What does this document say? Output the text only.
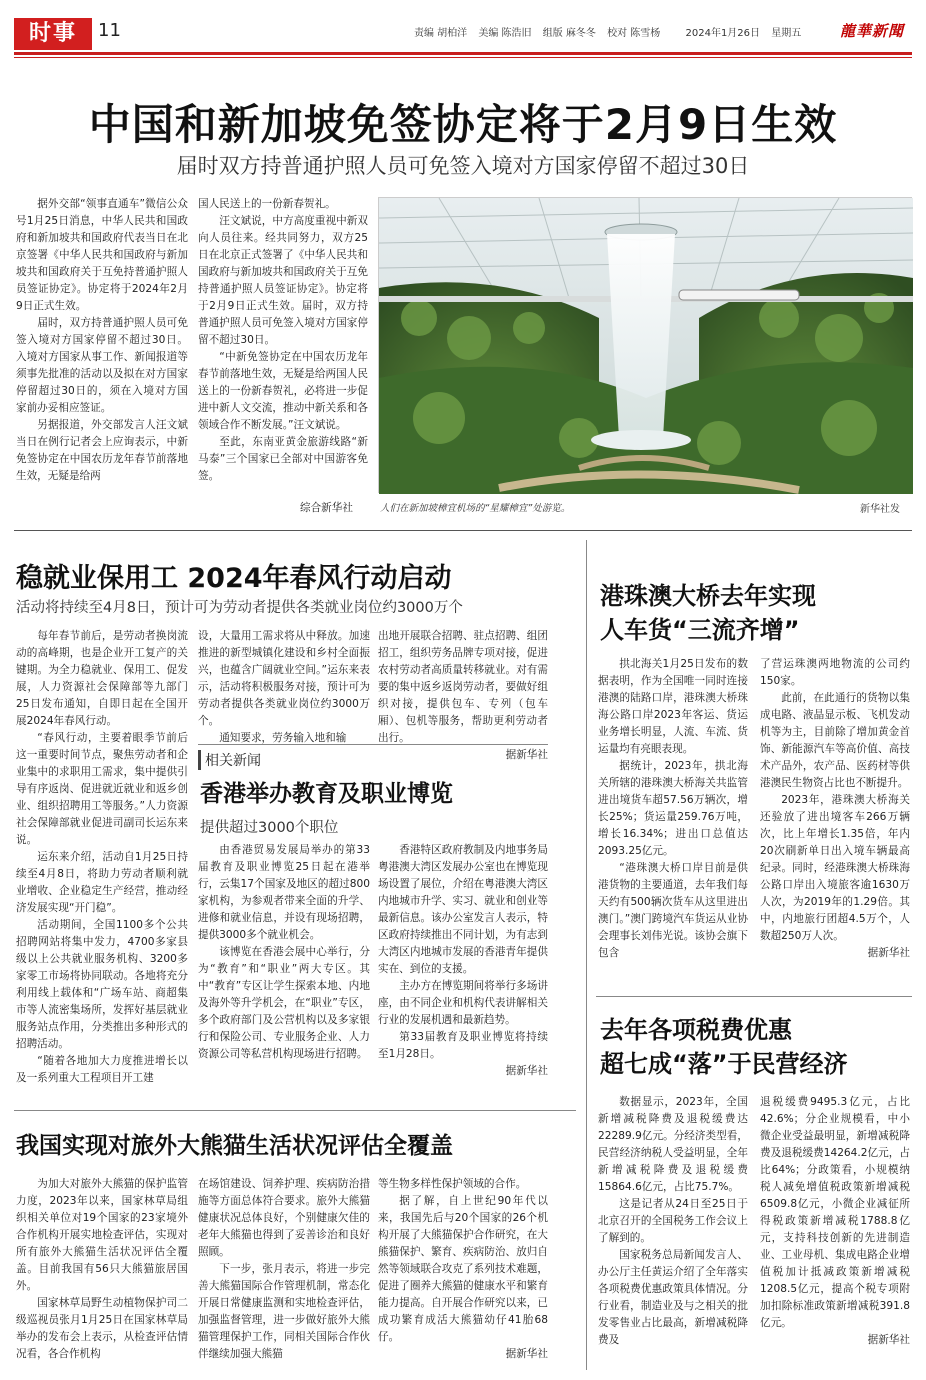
时事	11	责编 胡柏洋 美编 陈浩旧 组版 麻冬冬 校对 陈雪杨	2024年1月26日 星期五	龍華新聞
中国和新加坡免签协定将于2月9日生效
届时双方持普通护照人员可免签入境对方国家停留不超过30日

据外交部“领事直通车”微信公众号1月25日消息，中华人民共和国政府和新加坡共和国政府代表当日在北京签署《中华人民共和国政府与新加坡共和国政府关于互免持普通护照人员签证协定》。协定将于2024年2月9日正式生效。

届时，双方持普通护照人员可免签入境对方国家停留不超过30日。入境对方国家从事工作、新闻报道等须事先批准的活动以及拟在对方国家停留超过30日的，须在入境对方国家前办妥相应签证。

另据报道，外交部发言人汪文斌当日在例行记者会上应询表示，中新免签协定在中国农历龙年春节前落地生效，无疑是给两

国人民送上的一份新春贺礼。

汪文斌说，中方高度重视中新双向人员往来。经共同努力，双方25日在北京正式签署了《中华人民共和国政府与新加坡共和国政府关于互免持普通护照人员签证协定》。协定将于2月9日正式生效。届时，双方持普通护照人员可免签入境对方国家停留不超过30日。

“中新免签协定在中国农历龙年春节前落地生效，无疑是给两国人民送上的一份新春贺礼，必将进一步促进中新人文交流，推动中新关系和各领域合作不断发展。”汪文斌说。

至此，东南亚黄金旅游线路“新马泰”三个国家已全部对中国游客免签。

综合新华社	人们在新加坡樟宜机场的“星耀樟宜”处游览。	新华社发
稳就业保用工 2024年春风行动启动
活动将持续至4月8日，预计可为劳动者提供各类就业岗位约3000万个

每年春节前后，是劳动者换岗流动的高峰期，也是企业开工复产的关键期。为全力稳就业、保用工、促发展，人力资源社会保障部等九部门25日发布通知，自即日起在全国开展2024年春风行动。

“春风行动，主要着眼季节前后这一重要时间节点，聚焦劳动者和企业集中的求职用工需求，集中提供引导有序返岗、促进就近就业和返乡创业、组织招聘用工等服务。”人力资源社会保障部就业促进司副司长运东来说。

运东来介绍，活动自1月25日持续至4月8日，将助力劳动者顺利就业增收、企业稳定生产经营，推动经济发展实现“开门稳”。

活动期间，全国1100多个公共招聘网站将集中发力，4700多家县级以上公共就业服务机构、3200多家零工市场将协同联动。各地将充分利用线上载体和“广场车站、商超集市等人流密集场所，发挥好基层就业服务站点作用，分类推出多种形式的招聘活动。

“随着各地加大力度推进增长以及一系列重大工程项目开工建

设，大量用工需求将从中释放。加速推进的新型城镇化建设和乡村全面振兴，也蕴含广阔就业空间。”运东来表示，活动将积极服务对接，预计可为劳动者提供各类就业岗位约3000万个。

通知要求，劳务输入地和输

出地开展联合招聘、驻点招聘、组团招工，组织劳务品牌专项对接，促进农村劳动者高质量转移就业。对有需要的集中返乡返岗劳动者，要做好组织对接，提供包车、专列（包车厢）、包机等服务，帮助更利劳动者出行。

据新华社

相关新闻
香港举办教育及职业博览
提供超过3000个职位

由香港贸易发展局举办的第33届教育及职业博览25日起在港举行，云集17个国家及地区的超过800家机构，为参观者带来全面的升学、进修和就业信息，并设有现场招聘，提供3000多个就业机会。

该博览在香港会展中心举行，分为“教育”和“职业”两大专区。其中“教育”专区让学生探索本地、内地及海外等升学机会，在“职业”专区，多个政府部门及公营机构以及多家银行和保险公司、专业服务企业、人力资源公司等私营机构现场进行招聘。

香港特区政府教制及内地事务局粤港澳大湾区发展办公室也在博览现场设置了展位，介绍在粤港澳大湾区内地城市升学、实习、就业和创业等最新信息。该办公室发言人表示，特区政府持续推出不同计划，为有志到大湾区内地城市发展的香港青年提供实在、到位的支援。

主办方在博览期间将举行多场讲座，由不同企业和机构代表讲解相关行业的发展机遇和最新趋势。

第33届教育及职业博览将持续至1月28日。

据新华社

港珠澳大桥去年实现
人车货“三流齐增”

拱北海关1月25日发布的数据表明，作为全国唯一同时连接港澳的陆路口岸，港珠澳大桥珠海公路口岸2023年客运、货运业务增长明显，人流、车流、货运量均有亮眼表现。

据统计，2023年，拱北海关所辖的港珠澳大桥海关共监管进出境货车超57.56万辆次，增长25%；货运量259.76万吨，增长16.34%；进出口总值达2093.25亿元。

“港珠澳大桥口岸目前是供港货物的主要通道，去年我们每天约有500辆次货车从这里进出澳门。”澳门跨境汽车货运从业协会理事长刘伟光说。该协会旗下包含

了营运珠澳两地物流的公司约150家。

此前，在此通行的货物以集成电路、液晶显示板、飞机发动机等为主，目前除了增加黄金首饰、新能源汽车等高价值、高技术产品外，农产品、医药材等供港澳民生物资占比也不断提升。

2023年，港珠澳大桥海关还验放了进出境客车266万辆次，比上年增长1.35倍，年内20次刷新单日出入境车辆最高纪录。同时，经港珠澳大桥珠海公路口岸出入境旅客逾1630万人次，为2019年的1.29倍。其中，内地旅行团超4.5万个，人数超250万人次。

据新华社

去年各项税费优惠
超七成“落”于民营经济

数据显示，2023年，全国新增减税降费及退税缓费达22289.9亿元。分经济类型看，民营经济纳税人受益明显，全年新增减税降费及退税缓费15864.6亿元，占比75.7%。

这是记者从24日至25日于北京召开的全国税务工作会议上了解到的。

国家税务总局新闻发言人、办公厅主任黄运介绍了全年落实各项税费优惠政策具体情况。分行业看，制造业及与之相关的批发零售业占比最高，新增减税降费及

退税缓费9495.3亿元，占比42.6%；分企业规模看，中小微企业受益最明显，新增减税降费及退税缓费14264.2亿元，占比64%；分政策看，小规模纳税人减免增值税政策新增减税6509.8亿元，小微企业减征所得税政策新增减税1788.8亿元，支持科技创新的先进制造业、工业母机、集成电路企业增值税加计抵减政策新增减税1208.5亿元，提高个税专项附加扣除标准政策新增减税391.8亿元。

据新华社

我国实现对旅外大熊猫生活状况评估全覆盖

为加大对旅外大熊猫的保护监管力度，2023年以来，国家林草局组织相关单位对19个国家的23家境外合作机构开展实地检查评估，实现对所有旅外大熊猫生活状况评估全覆盖。目前我国有56只大熊猫旅居国外。

国家林草局野生动植物保护司二级巡视员张月1月25日在国家林草局举办的发布会上表示，从检查评估情况看，各合作机构

在场馆建设、饲养护理、疾病防治措施等方面总体符合要求。旅外大熊猫健康状况总体良好，个别健康欠佳的老年大熊猫也得到了妥善诊治和良好照顾。

下一步，张月表示，将进一步完善大熊猫国际合作管理机制，常态化开展日常健康监测和实地检查评估，加强监督管理，进一步做好旅外大熊猫管理保护工作，同相关国际合作伙伴继续加强大熊猫

等生物多样性保护领域的合作。

据了解，自上世纪90年代以来，我国先后与20个国家的26个机构开展了大熊猫保护合作研究，在大熊猫保护、繁育、疾病防治、放归自然等领域联合攻克了系列技术难题，促进了圈养大熊猫的健康水平和繁育能力提高。自开展合作研究以来，已成功繁育成活大熊猫幼仔41胎68仔。

据新华社
